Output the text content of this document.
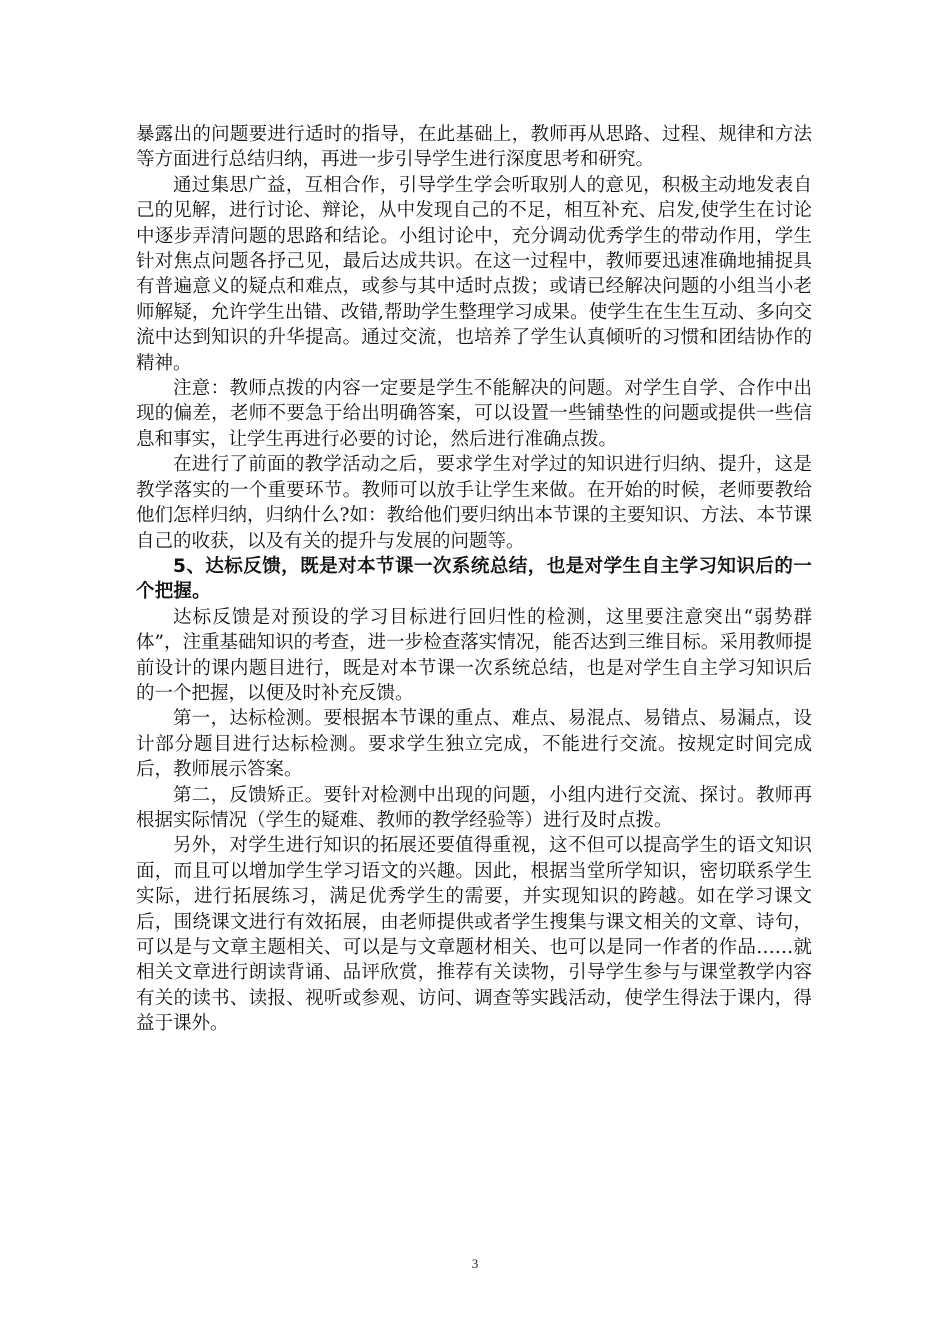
暴露出的问题要进行适时的指导，在此基础上，教师再从思路、过程、规律和方法等方面进行总结归纳，再进一步引导学生进行深度思考和研究。

通过集思广益，互相合作，引导学生学会听取别人的意见，积极主动地发表自己的见解，进行讨论、辩论，从中发现自己的不足，相互补充、启发,使学生在讨论中逐步弄清问题的思路和结论。小组讨论中，充分调动优秀学生的带动作用，学生针对焦点问题各抒己见，最后达成共识。在这一过程中，教师要迅速准确地捕捉具有普遍意义的疑点和难点，或参与其中适时点拨；或请已经解决问题的小组当小老师解疑，允许学生出错、改错,帮助学生整理学习成果。使学生在生生互动、多向交流中达到知识的升华提高。通过交流，也培养了学生认真倾听的习惯和团结协作的精神。

注意：教师点拨的内容一定要是学生不能解决的问题。对学生自学、合作中出现的偏差，老师不要急于给出明确答案，可以设置一些铺垫性的问题或提供一些信息和事实，让学生再进行必要的讨论，然后进行准确点拨。

在进行了前面的教学活动之后，要求学生对学过的知识进行归纳、提升，这是教学落实的一个重要环节。教师可以放手让学生来做。在开始的时候，老师要教给他们怎样归纳，归纳什么?如：教给他们要归纳出本节课的主要知识、方法、本节课自己的收获，以及有关的提升与发展的问题等。

5、达标反馈，既是对本节课一次系统总结，也是对学生自主学习知识后的一个把握。

达标反馈是对预设的学习目标进行回归性的检测，这里要注意突出“弱势群体”，注重基础知识的考查，进一步检查落实情况，能否达到三维目标。采用教师提前设计的课内题目进行，既是对本节课一次系统总结，也是对学生自主学习知识后的一个把握，以便及时补充反馈。

第一，达标检测。要根据本节课的重点、难点、易混点、易错点、易漏点，设计部分题目进行达标检测。要求学生独立完成，不能进行交流。按规定时间完成后，教师展示答案。

第二，反馈矫正。要针对检测中出现的问题，小组内进行交流、探讨。教师再根据实际情况（学生的疑难、教师的教学经验等）进行及时点拨。

另外，对学生进行知识的拓展还要值得重视，这不但可以提高学生的语文知识面，而且可以增加学生学习语文的兴趣。因此，根据当堂所学知识，密切联系学生实际，进行拓展练习，满足优秀学生的需要，并实现知识的跨越。如在学习课文后，围绕课文进行有效拓展，由老师提供或者学生搜集与课文相关的文章、诗句，可以是与文章主题相关、可以是与文章题材相关、也可以是同一作者的作品……就相关文章进行朗读背诵、品评欣赏，推荐有关读物，引导学生参与与课堂教学内容有关的读书、读报、视听或参观、访问、调查等实践活动，使学生得法于课内，得益于课外。

3
